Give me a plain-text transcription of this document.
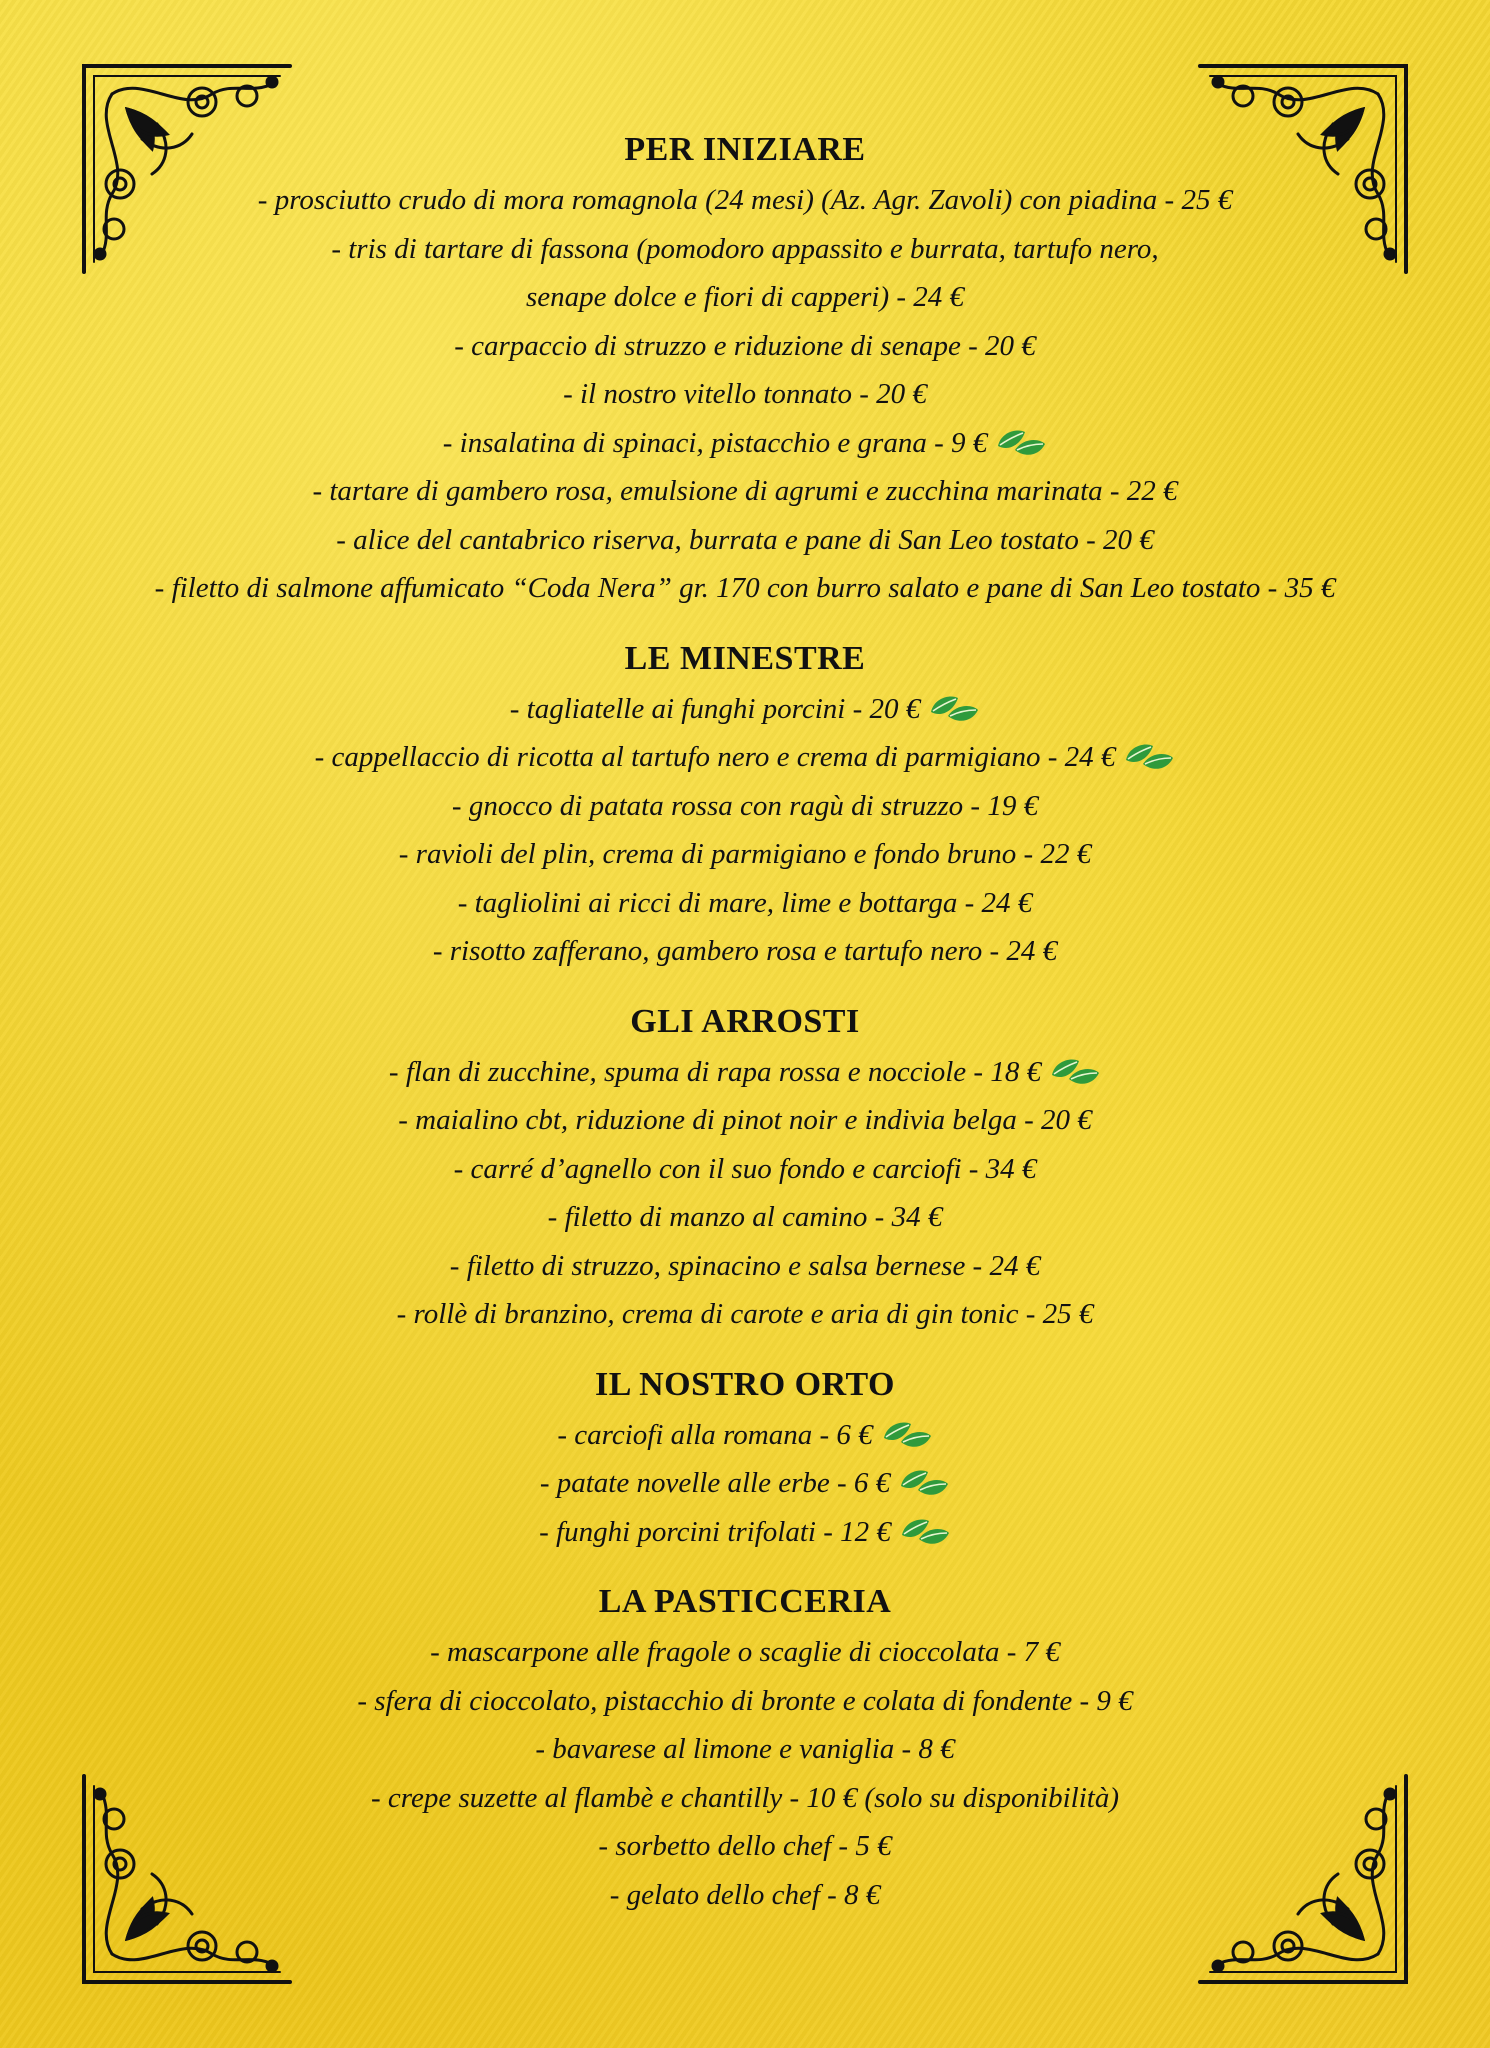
PER INIZIARE
- prosciutto crudo di mora romagnola (24 mesi) (Az. Agr. Zavoli) con piadina - 25 €
- tris di tartare di fassona (pomodoro appassito e burrata, tartufo nero,
senape dolce e fiori di capperi) - 24 €
- carpaccio di struzzo e riduzione di senape - 20 €
- il nostro vitello tonnato - 20 €
- insalatina di spinaci, pistacchio e grana - 9 €
- tartare di gambero rosa, emulsione di agrumi e zucchina marinata - 22 €
- alice del cantabrico riserva, burrata e pane di San Leo tostato - 20 €
- filetto di salmone affumicato “Coda Nera” gr. 170 con burro salato e pane di San Leo tostato - 35 €
LE MINESTRE
- tagliatelle ai funghi porcini - 20 €
- cappellaccio di ricotta al tartufo nero e crema di parmigiano - 24 €
- gnocco di patata rossa con ragù di struzzo - 19 €
- ravioli del plin, crema di parmigiano e fondo bruno - 22 €
- tagliolini ai ricci di mare, lime e bottarga - 24 €
- risotto zafferano, gambero rosa e tartufo nero - 24 €
GLI ARROSTI
- flan di zucchine, spuma di rapa rossa e nocciole - 18 €
- maialino cbt, riduzione di pinot noir e indivia belga - 20 €
- carré d’agnello con il suo fondo e carciofi - 34 €
- filetto di manzo al camino - 34 €
- filetto di struzzo, spinacino e salsa bernese - 24 €
- rollè di branzino, crema di carote e aria di gin tonic - 25 €
IL NOSTRO ORTO
- carciofi alla romana - 6 €
- patate novelle alle erbe - 6 €
- funghi porcini trifolati - 12 €
LA PASTICCERIA
- mascarpone alle fragole o scaglie di cioccolata - 7 €
- sfera di cioccolato, pistacchio di bronte e colata di fondente - 9 €
- bavarese al limone e vaniglia - 8 €
- crepe suzette al flambè e chantilly - 10 € (solo su disponibilità)
- sorbetto dello chef - 5 €
- gelato dello chef - 8 €
